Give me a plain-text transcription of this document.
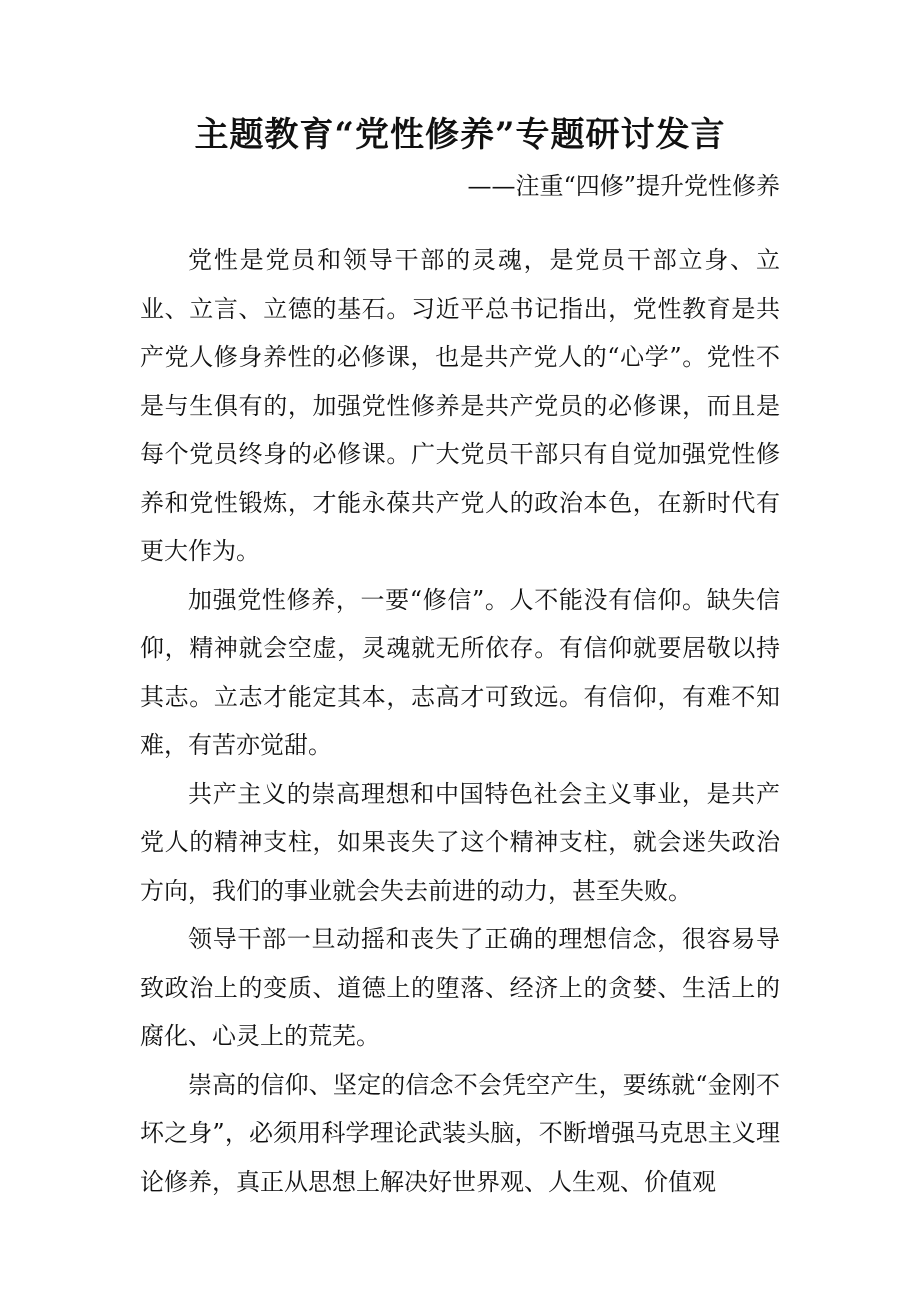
主题教育“党性修养”专题研讨发言

——注重“四修”提升党性修养

党性是党员和领导干部的灵魂，是党员干部立身、立业、立言、立德的基石。习近平总书记指出，党性教育是共产党人修身养性的必修课，也是共产党人的“心学”。党性不是与生俱有的，加强党性修养是共产党员的必修课，而且是每个党员终身的必修课。广大党员干部只有自觉加强党性修养和党性锻炼，才能永葆共产党人的政治本色，在新时代有更大作为。

加强党性修养，一要“修信”。人不能没有信仰。缺失信仰，精神就会空虚，灵魂就无所依存。有信仰就要居敬以持其志。立志才能定其本，志高才可致远。有信仰，有难不知难，有苦亦觉甜。

共产主义的崇高理想和中国特色社会主义事业，是共产党人的精神支柱，如果丧失了这个精神支柱，就会迷失政治方向，我们的事业就会失去前进的动力，甚至失败。

领导干部一旦动摇和丧失了正确的理想信念，很容易导致政治上的变质、道德上的堕落、经济上的贪婪、生活上的腐化、心灵上的荒芜。

崇高的信仰、坚定的信念不会凭空产生，要练就“金刚不坏之身”，必须用科学理论武装头脑，不断增强马克思主义理论修养，真正从思想上解决好世界观、人生观、价值观
